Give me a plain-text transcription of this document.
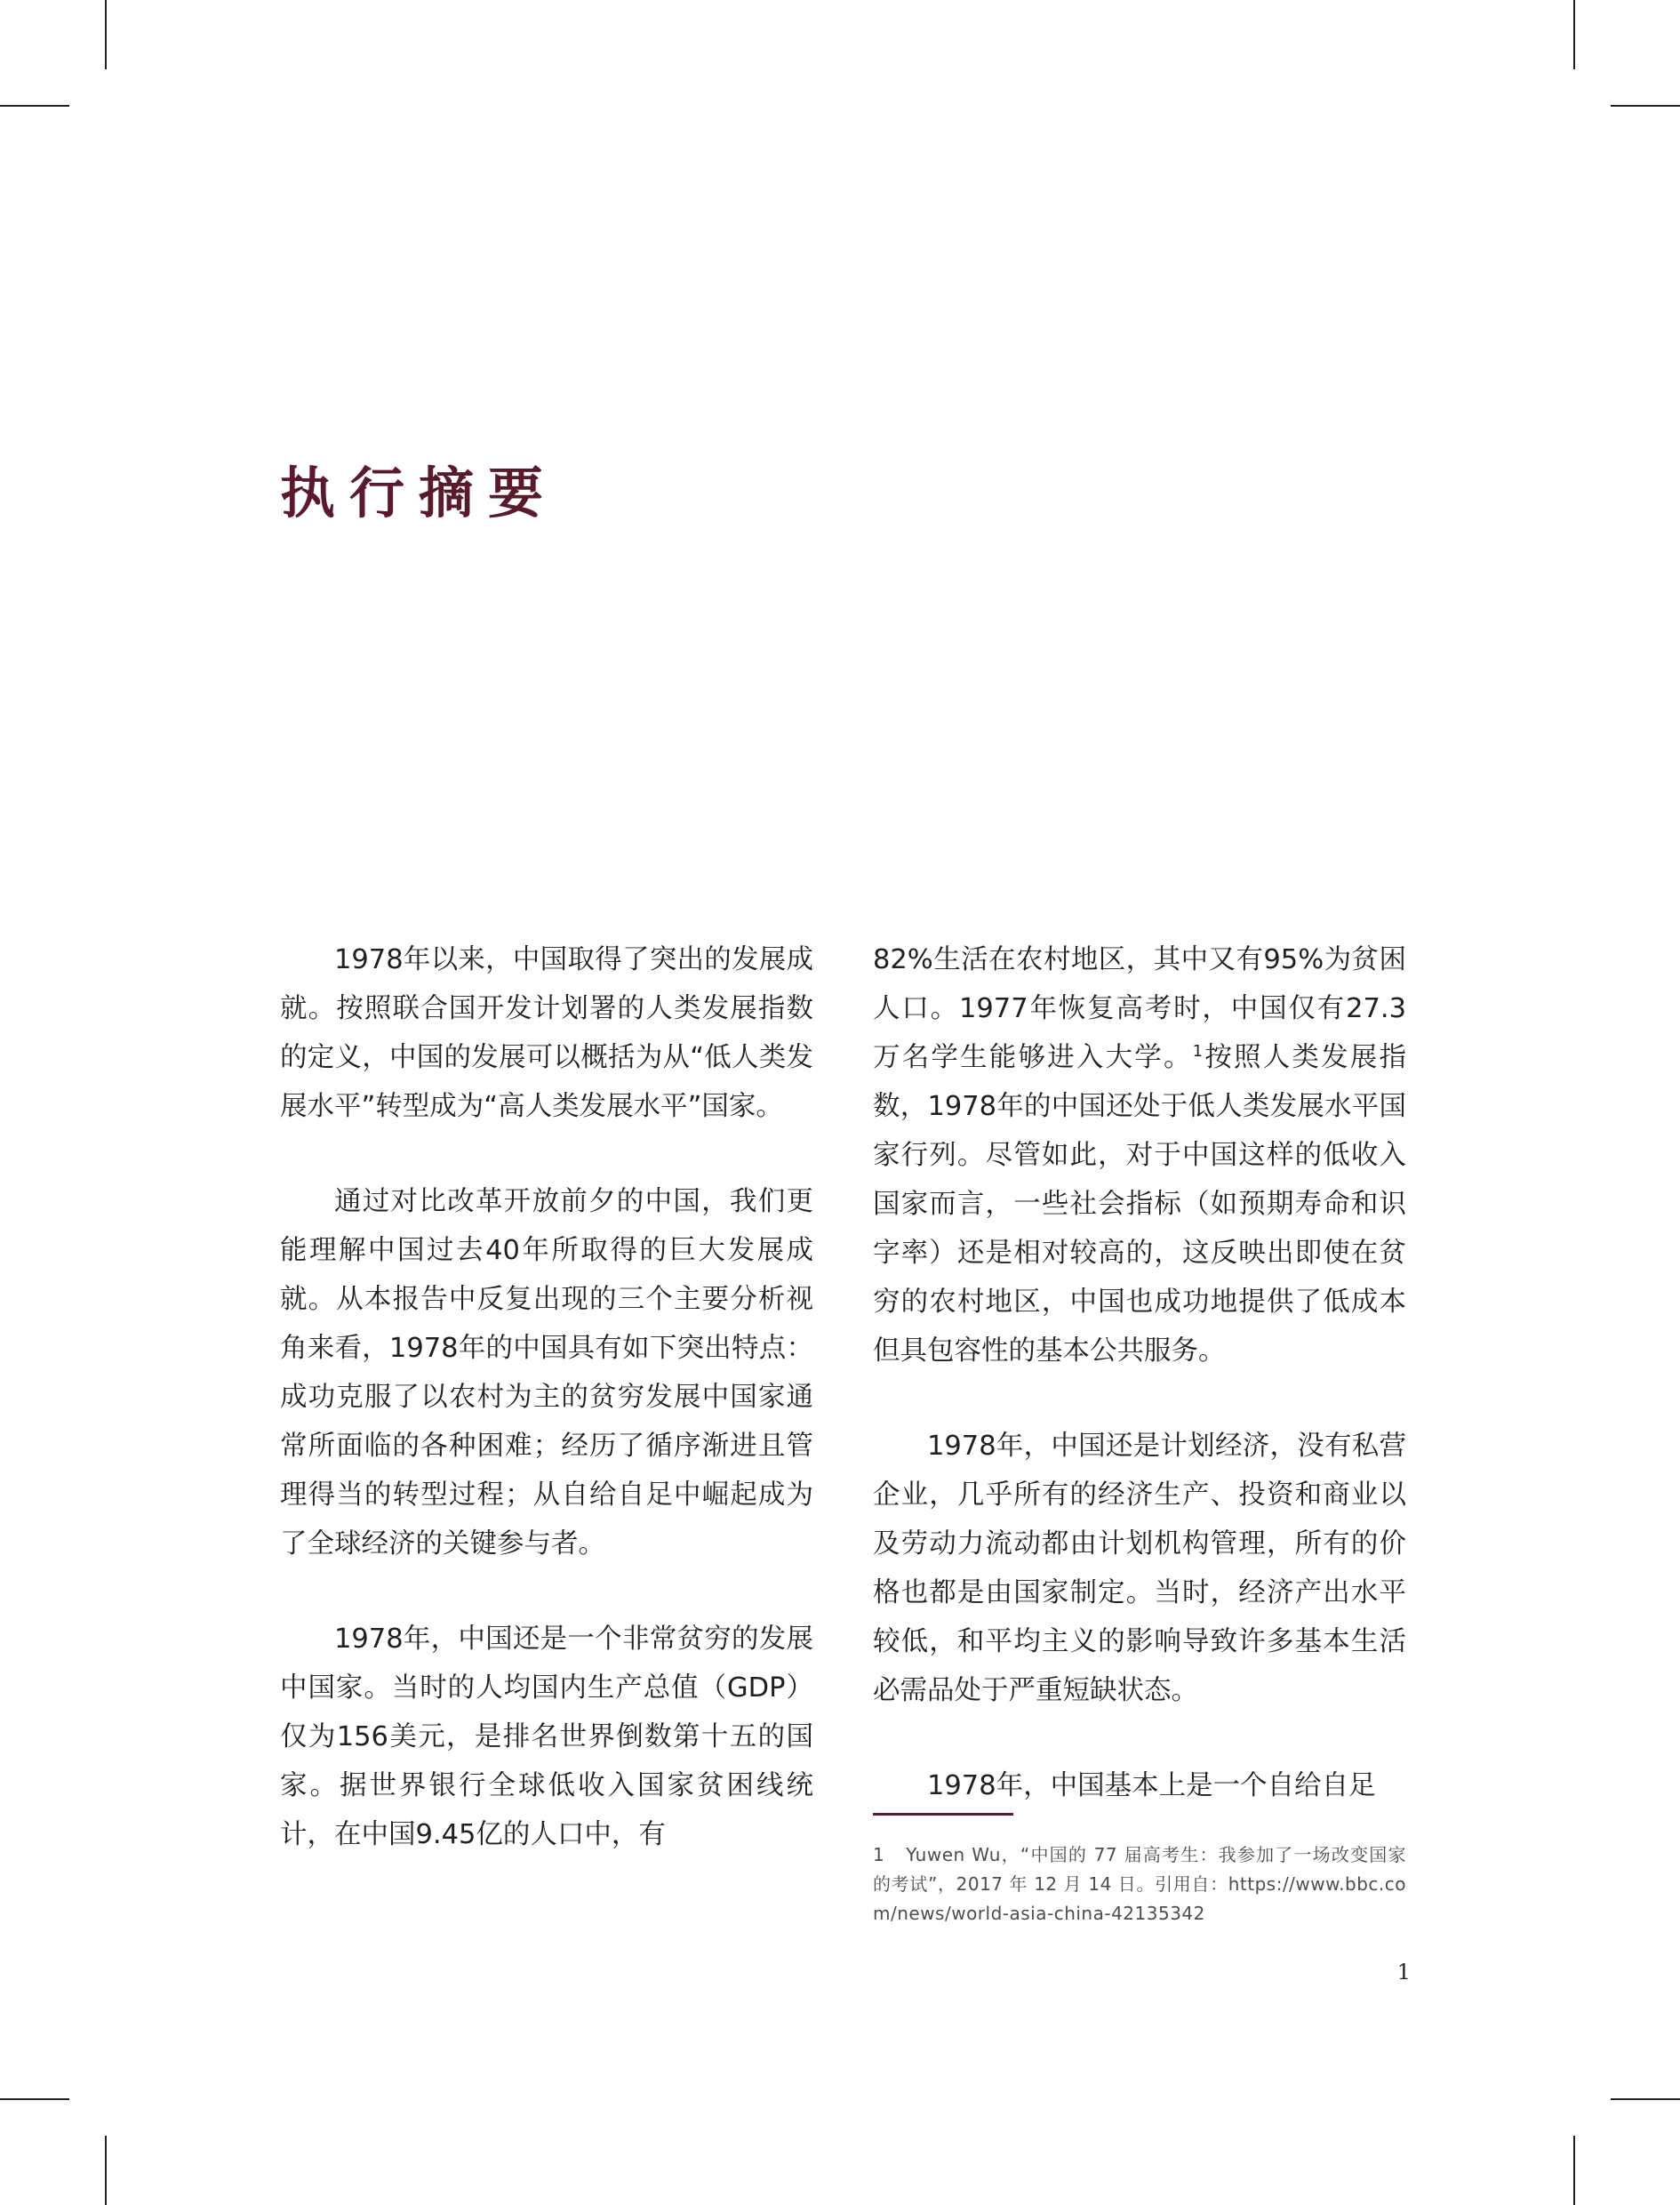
执行摘要

1978年以来，中国取得了突出的发展成就。按照联合国开发计划署的人类发展指数的定义，中国的发展可以概括为从“低人类发展水平”转型成为“高人类发展水平”国家。

通过对比改革开放前夕的中国，我们更能理解中国过去40年所取得的巨大发展成就。从本报告中反复出现的三个主要分析视角来看，1978年的中国具有如下突出特点：成功克服了以农村为主的贫穷发展中国家通常所面临的各种困难；经历了循序渐进且管理得当的转型过程；从自给自足中崛起成为了全球经济的关键参与者。

1978年，中国还是一个非常贫穷的发展中国家。当时的人均国内生产总值（GDP）仅为156美元，是排名世界倒数第十五的国家。据世界银行全球低收入国家贫困线统计，在中国9.45亿的人口中，有

82%生活在农村地区，其中又有95%为贫困人口。1977年恢复高考时，中国仅有27.3万名学生能够进入大学。$^1$按照人类发展指数，1978年的中国还处于低人类发展水平国家行列。尽管如此，对于中国这样的低收入国家而言，一些社会指标（如预期寿命和识字率）还是相对较高的，这反映出即使在贫穷的农村地区，中国也成功地提供了低成本但具包容性的基本公共服务。

1978年，中国还是计划经济，没有私营企业，几乎所有的经济生产、投资和商业以及劳动力流动都由计划机构管理，所有的价格也都是由国家制定。当时，经济产出水平较低，和平均主义的影响导致许多基本生活必需品处于严重短缺状态。

1978年，中国基本上是一个自给自足

1 Yuwen Wu，“中国的 77 届高考生：我参加了一场改变国家的考试”，2017 年 12 月 14 日。引用自：https://www.bbc.com/news/world-asia-china-42135342

1
